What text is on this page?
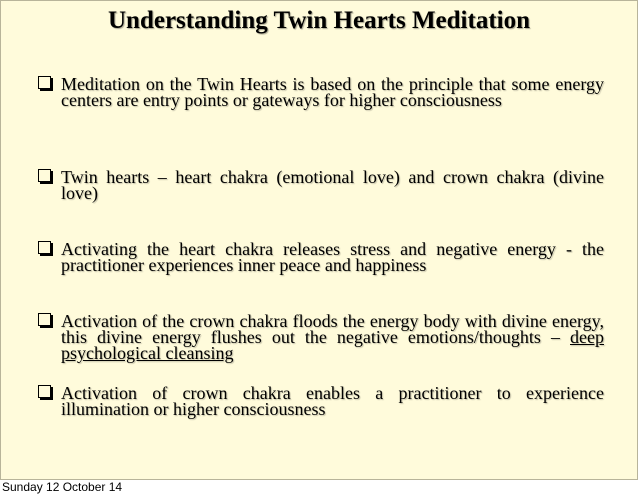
Understanding Twin Hearts Meditation
Meditation on the Twin Hearts is based on the principle that some energy centers are entry points or gateways for higher consciousness
Twin hearts – heart chakra (emotional love) and crown chakra (divine love)
Activating the heart chakra releases stress and negative energy - the practitioner experiences inner peace and happiness
Activation of the crown chakra floods the energy body with divine energy, this divine energy flushes out the negative emotions/thoughts – deep psychological cleansing
Activation of crown chakra enables a practitioner to experience illumination or higher consciousness
Sunday 12 October 14
